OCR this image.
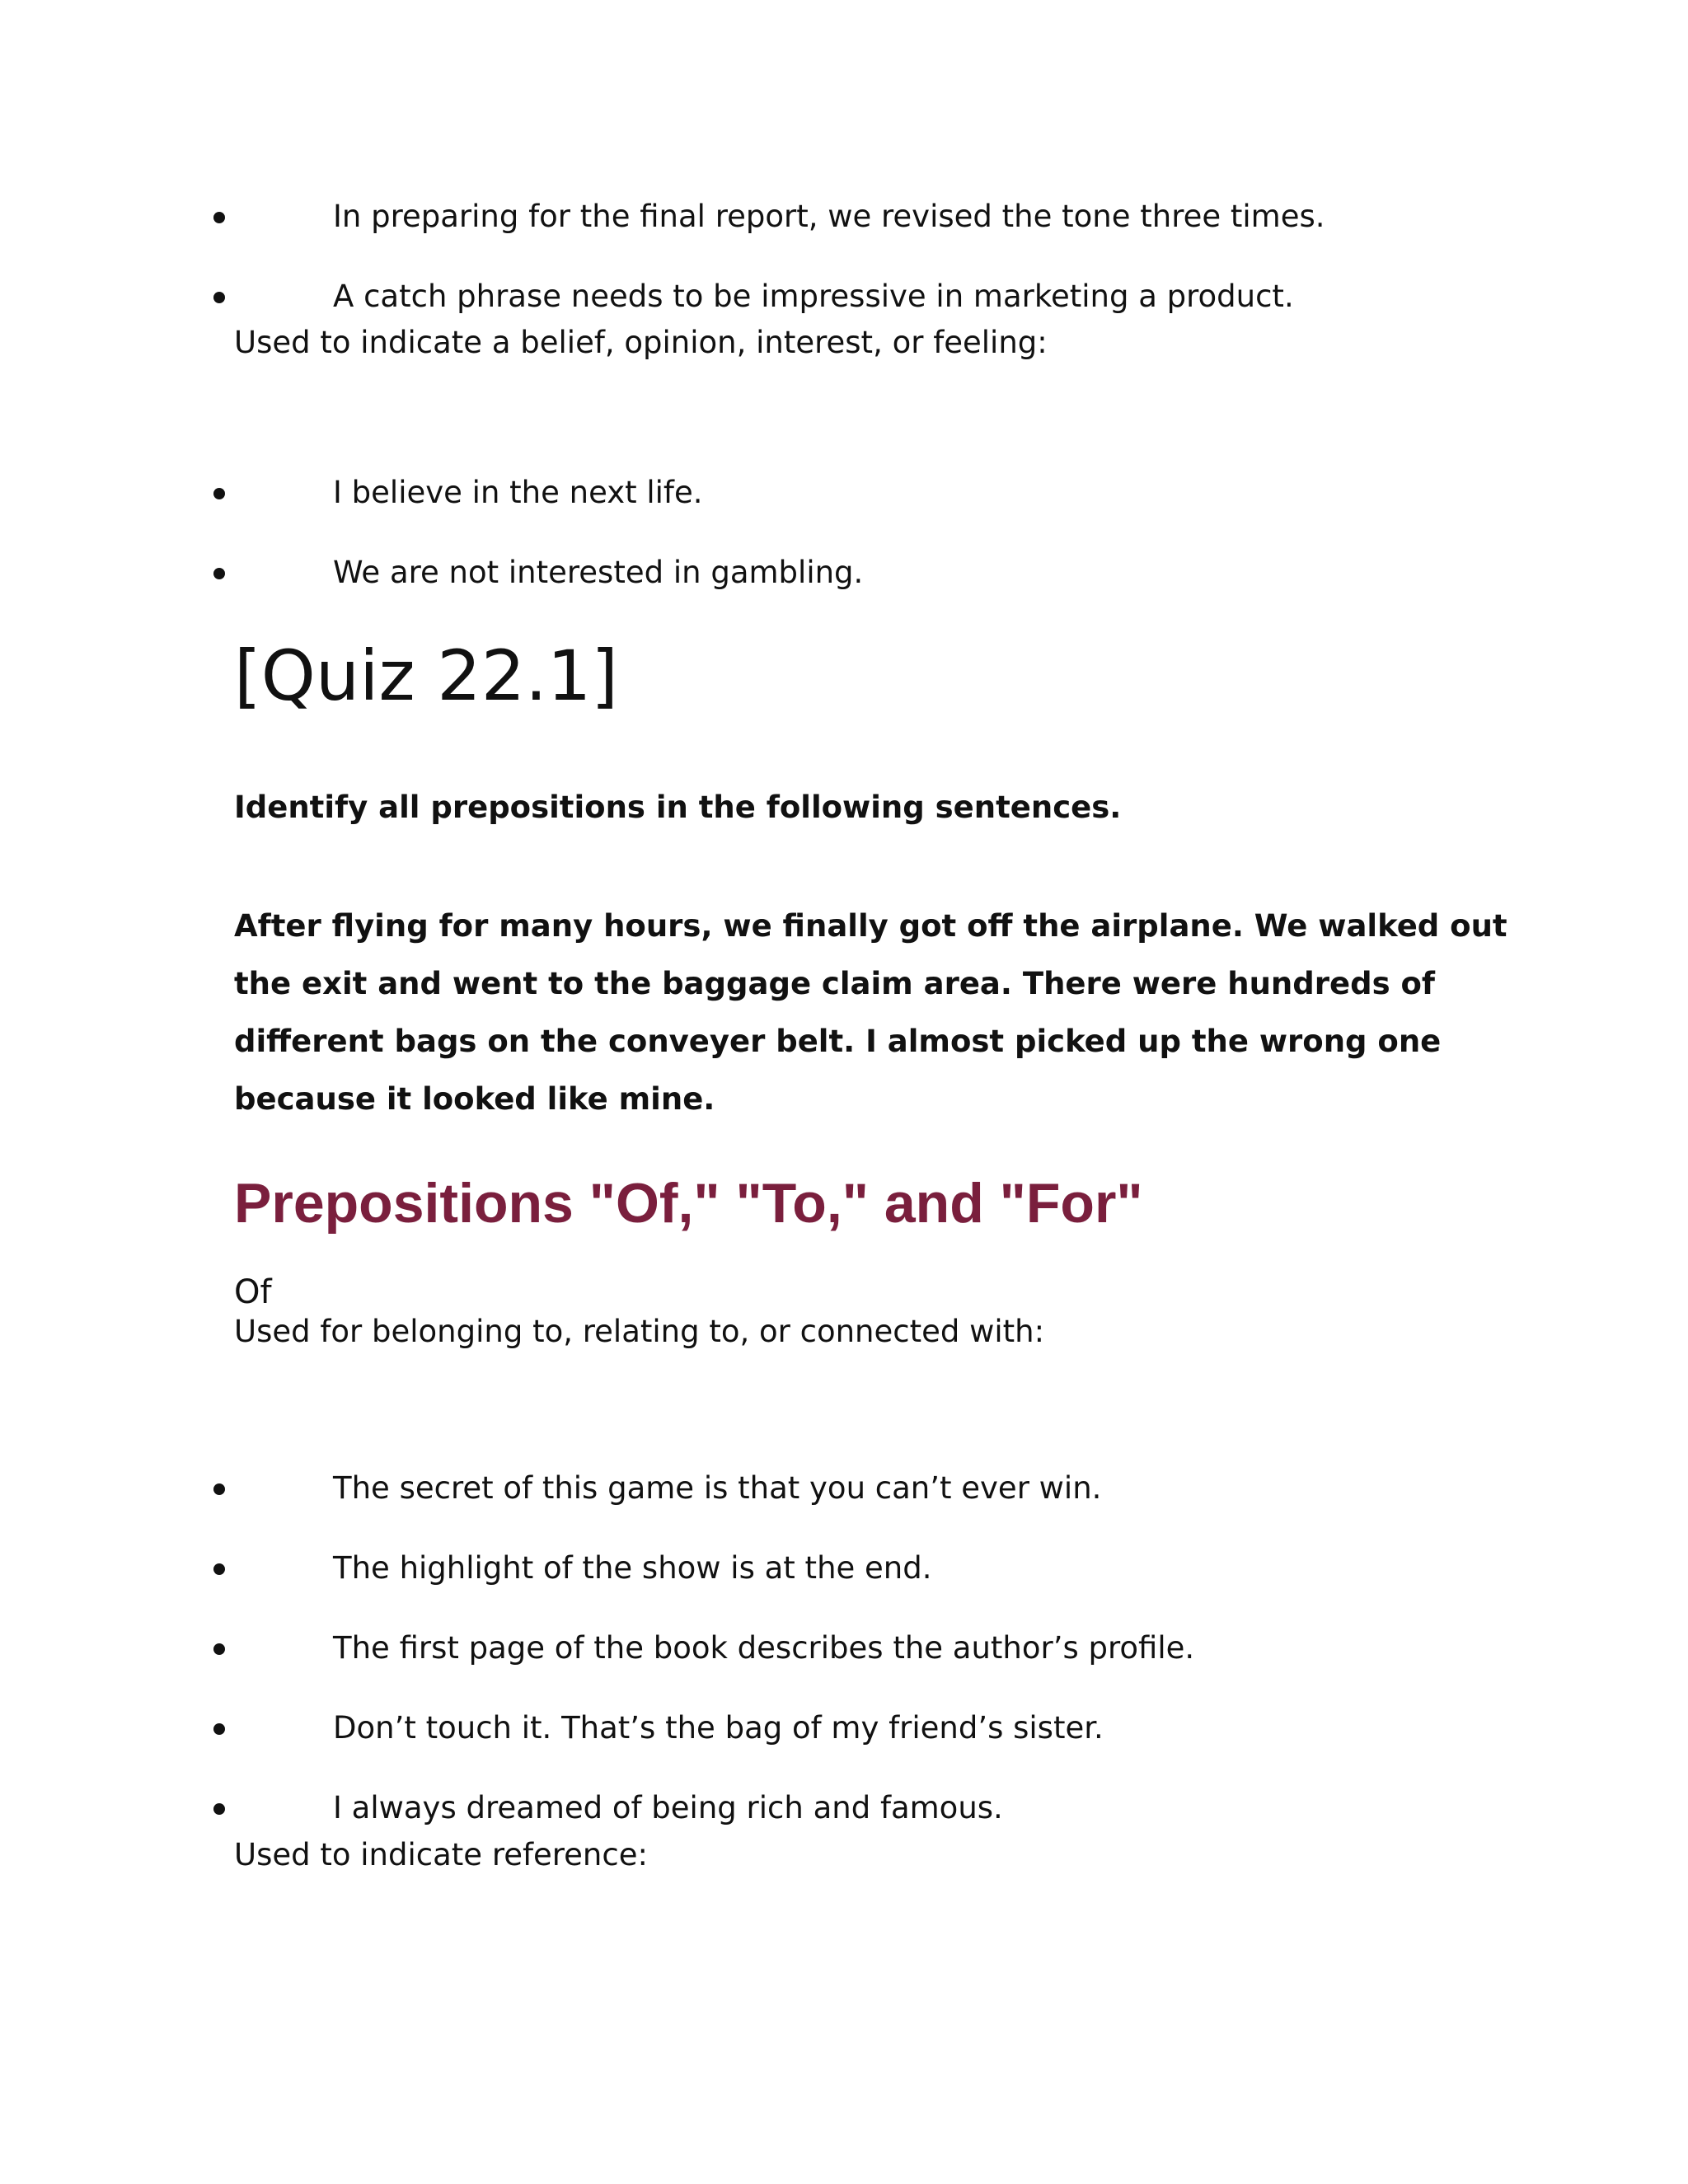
In preparing for the final report, we revised the tone three times.
A catch phrase needs to be impressive in marketing a product.
Used to indicate a belief, opinion, interest, or feeling:
I believe in the next life.
We are not interested in gambling.
[Quiz 22.1]
Identify all prepositions in the following sentences.
After flying for many hours, we finally got off the airplane. We walked out
the exit and went to the baggage claim area. There were hundreds of
different bags on the conveyer belt. I almost picked up the wrong one
because it looked like mine.
Prepositions "Of," "To," and "For"
Of
Used for belonging to, relating to, or connected with:
The secret of this game is that you can’t ever win.
The highlight of the show is at the end.
The first page of the book describes the author’s profile.
Don’t touch it. That’s the bag of my friend’s sister.
I always dreamed of being rich and famous.
Used to indicate reference:
